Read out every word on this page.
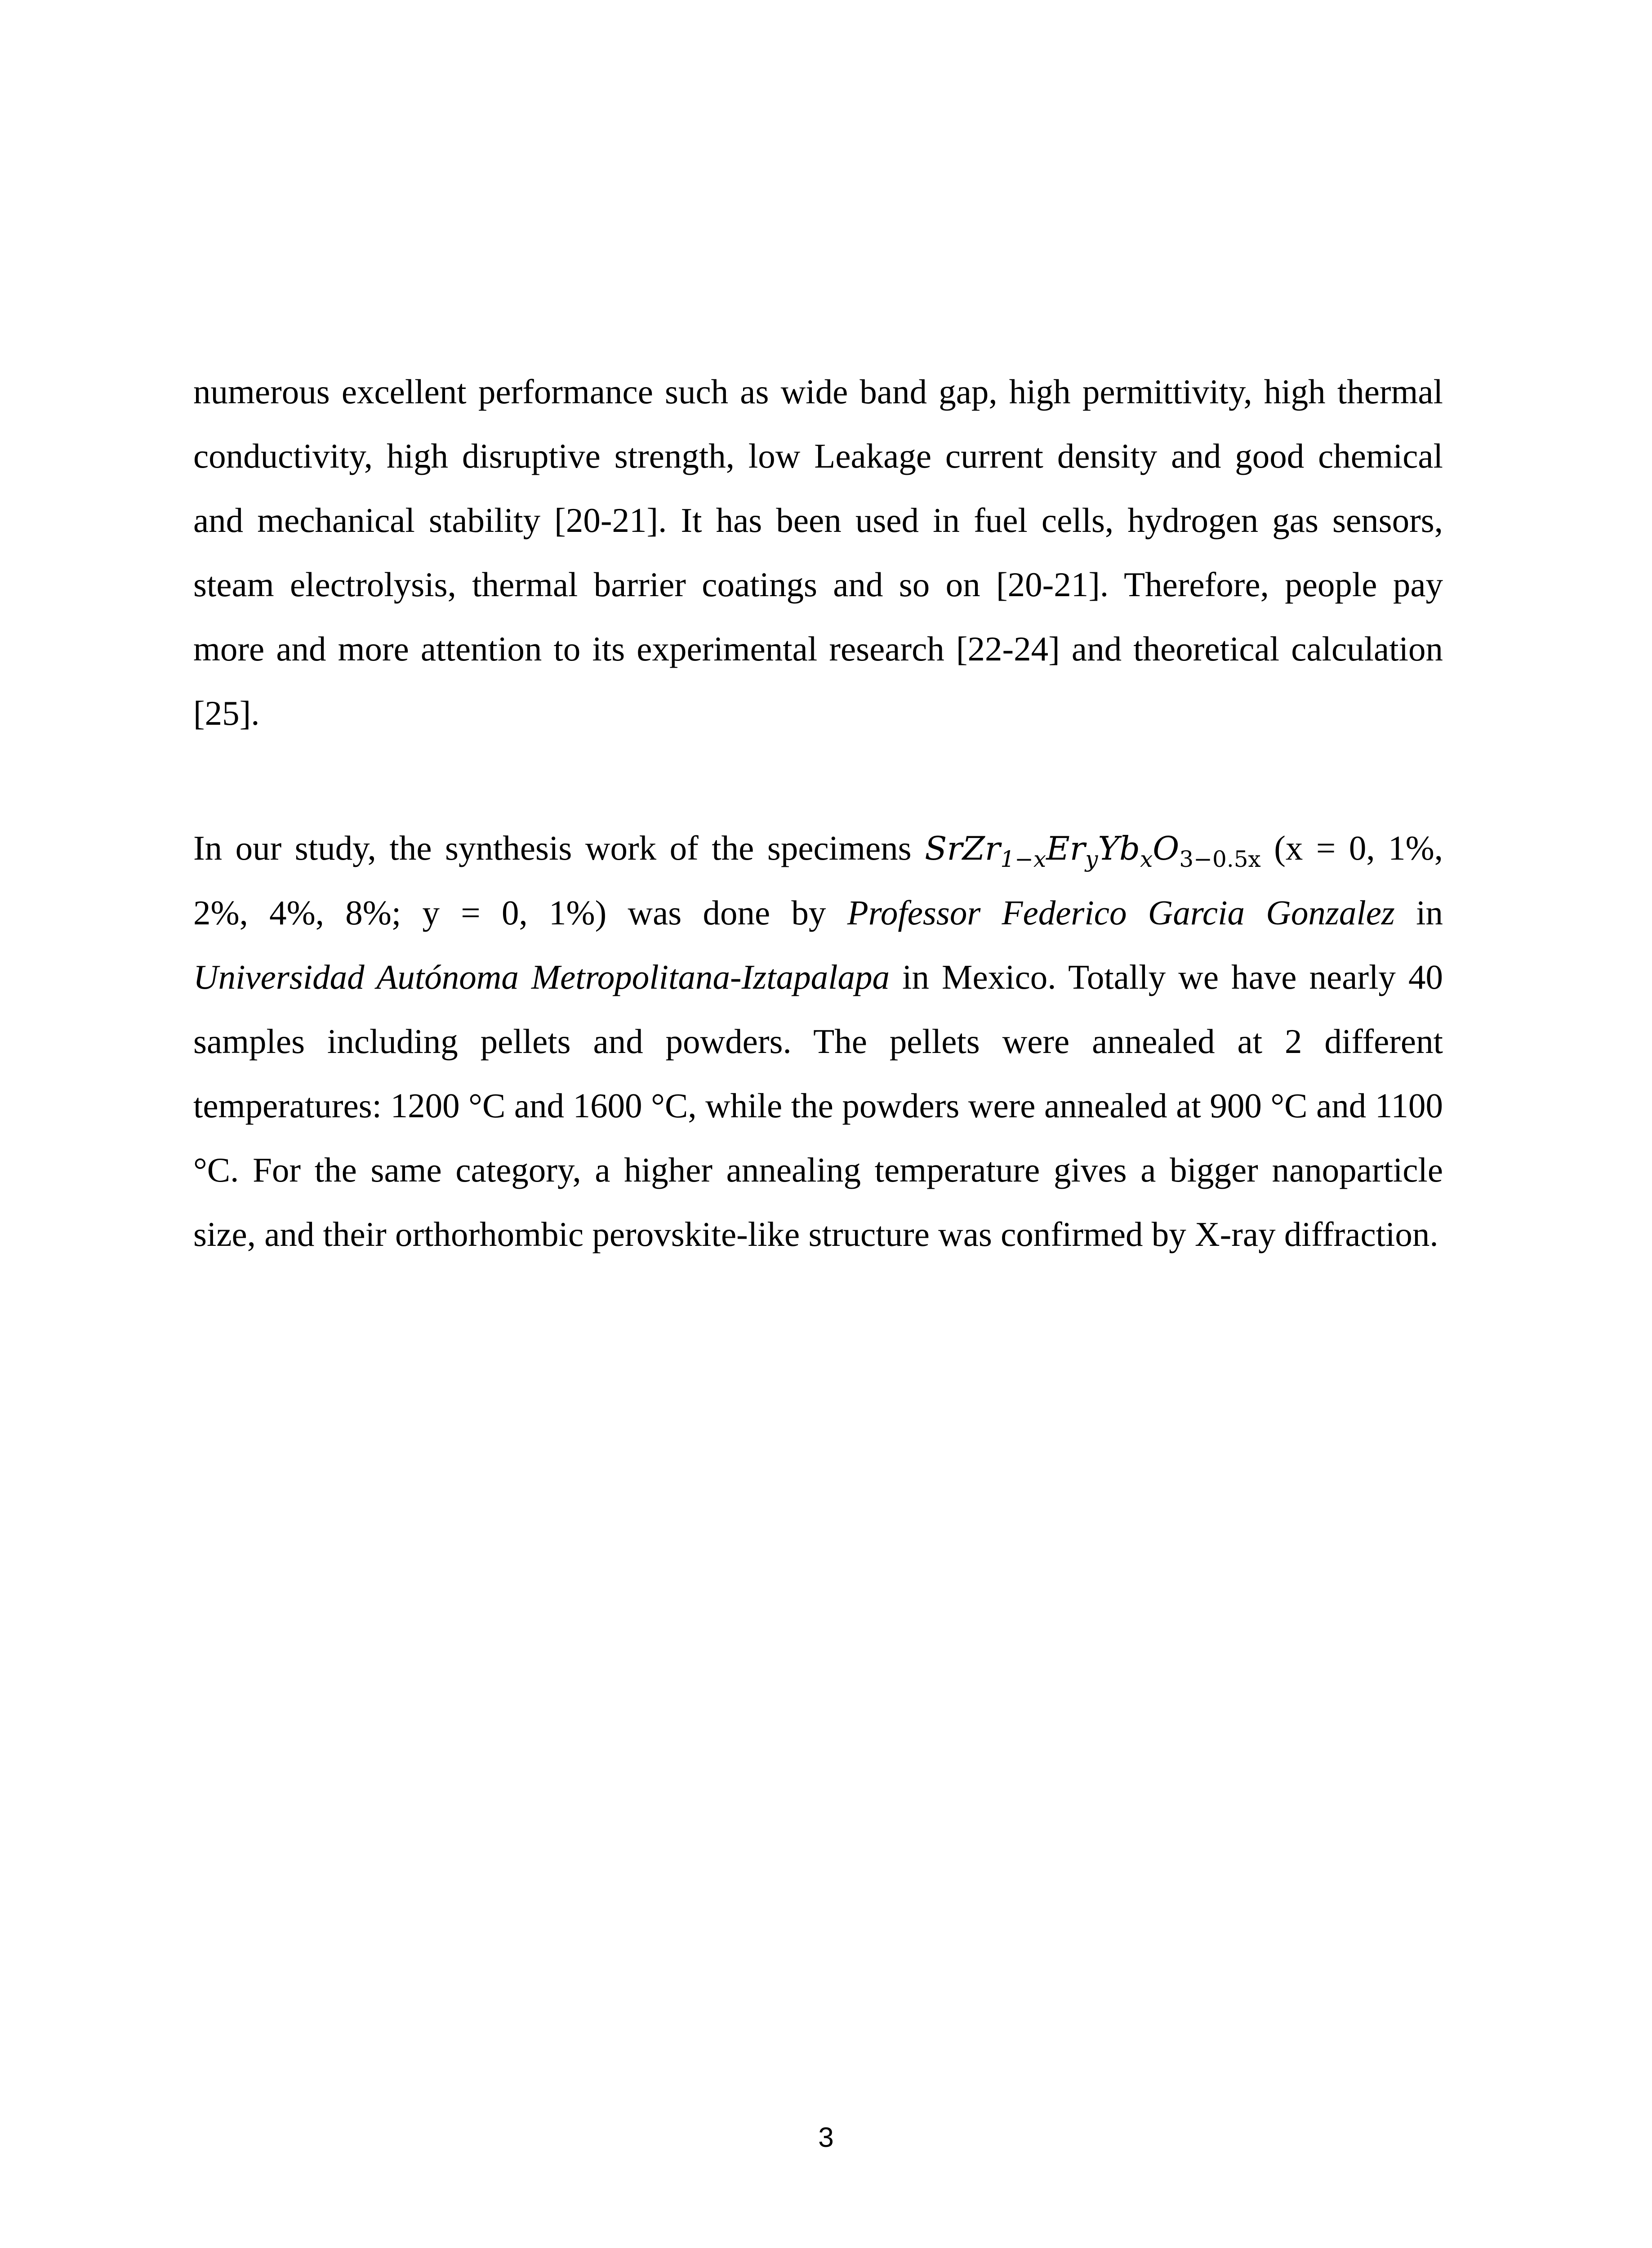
numerous excellent performance such as wide band gap, high permittivity, high thermal conductivity, high disruptive strength, low Leakage current density and good chemical and mechanical stability [20-21]. It has been used in fuel cells, hydrogen gas sensors, steam electrolysis, thermal barrier coatings and so on [20-21]. Therefore, people pay more and more attention to its experimental research [22-24] and theoretical calculation [25].

In our study, the synthesis work of the specimens $SrZr_{1-x}Er_yYb_xO_{3-0.5x}$ (x = 0, 1%, 2%, 4%, 8%; y = 0, 1%) was done by Professor Federico Garcia Gonzalez in Universidad Autónoma Metropolitana-Iztapalapa in Mexico. Totally we have nearly 40 samples including pellets and powders. The pellets were annealed at 2 different temperatures: 1200 °C and 1600 °C, while the powders were annealed at 900 °C and 1100 °C. For the same category, a higher annealing temperature gives a bigger nanoparticle size, and their orthorhombic perovskite-like structure was confirmed by X-ray diffraction.

3
